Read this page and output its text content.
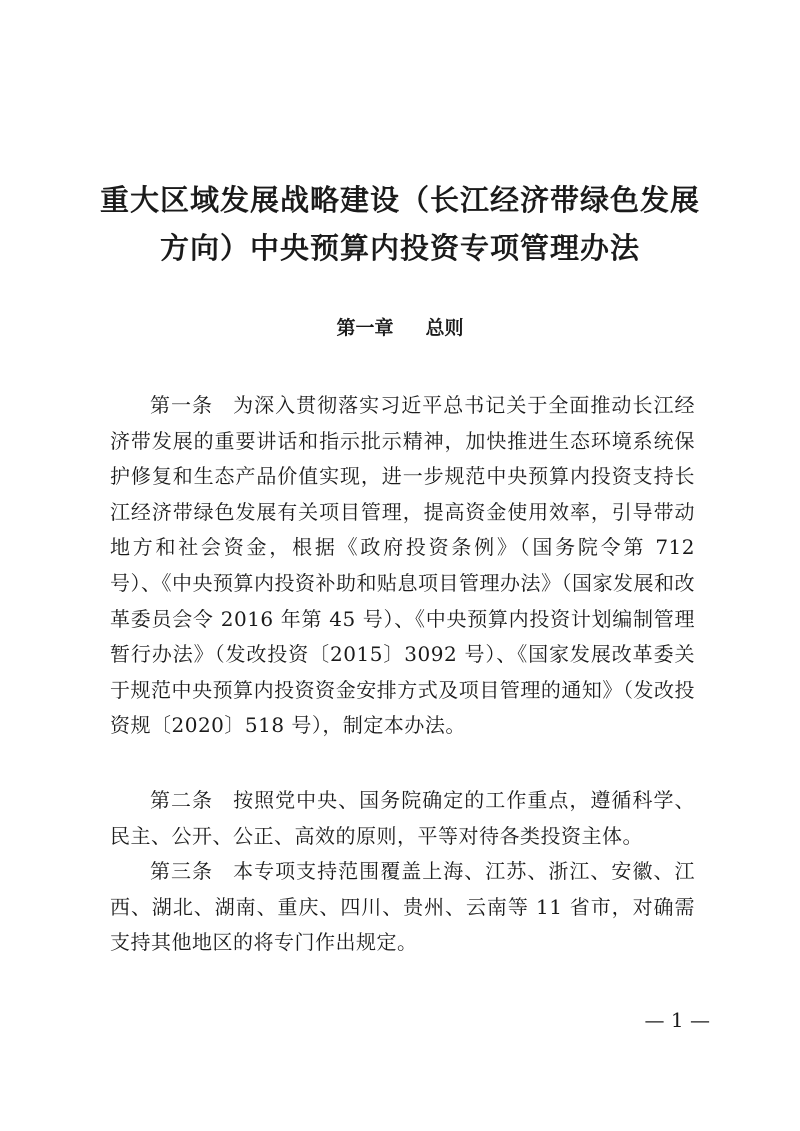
重大区域发展战略建设（长江经济带绿色发展
方向）中央预算内投资专项管理办法
第一章 总则

第一条 为深入贯彻落实习近平总书记关于全面推动长江经济带发展的重要讲话和指示批示精神，加快推进生态环境系统保护修复和生态产品价值实现，进一步规范中央预算内投资支持长江经济带绿色发展有关项目管理，提高资金使用效率，引导带动地方和社会资金，根据《政府投资条例》（国务院令第 712 号）、《中央预算内投资补助和贴息项目管理办法》（国家发展和改革委员会令 2016 年第 45 号）、《中央预算内投资计划编制管理暂行办法》（发改投资〔2015〕3092 号）、《国家发展改革委关于规范中央预算内投资资金安排方式及项目管理的通知》（发改投资规〔2020〕518 号），制定本办法。

第二条 按照党中央、国务院确定的工作重点，遵循科学、民主、公开、公正、高效的原则，平等对待各类投资主体。

第三条 本专项支持范围覆盖上海、江苏、浙江、安徽、江西、湖北、湖南、重庆、四川、贵州、云南等 11 省市，对确需支持其他地区的将专门作出规定。

— 1 —
